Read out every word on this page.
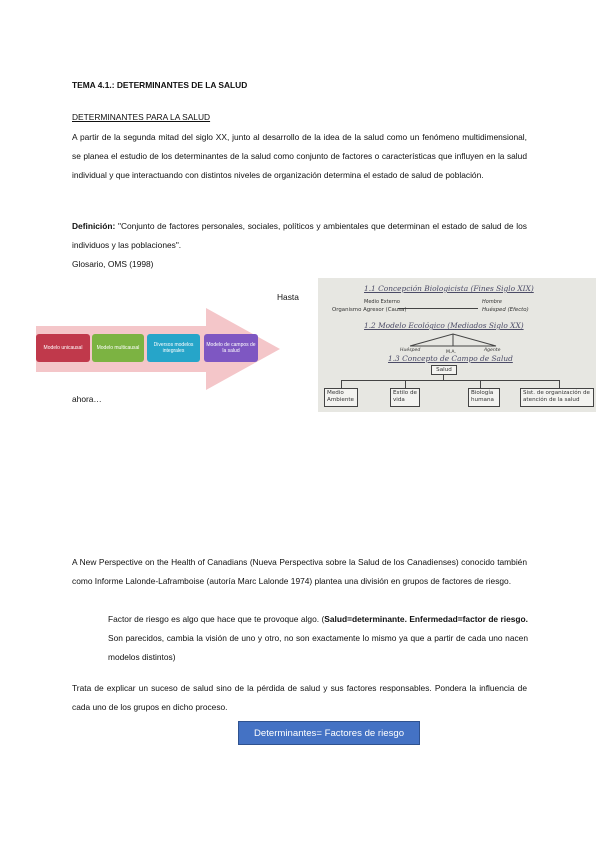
TEMA 4.1.: DETERMINANTES DE LA SALUD
DETERMINANTES PARA LA SALUD
A partir de la segunda mitad del siglo XX, junto al desarrollo de la idea de la salud como un fenómeno multidimensional, se planea el estudio de los determinantes de la salud como conjunto de factores o características que influyen en la salud individual y que interactuando con distintos niveles de organización determina el estado de salud de población.
Definición: "Conjunto de factores personales, sociales, políticos y ambientales que determinan el estado de salud de los individuos y las poblaciones".
Glosario, OMS (1998)
Hasta
Modelo unicausal	Modelo multicausal	Diversos modelos integrales
Modelo de campos de la salud
ahora…
1.1 Concepción Biologicista (Fines Siglo XIX)
Medio Externo	Hombre
Organismo Agresor (Causa)	Huésped (Efecto)
1.2 Modelo Ecológico (Mediados Siglo XX)
Huésped	M.A.	Agente
1.3 Concepto de Campo de Salud
Salud
Medio Ambiente
Estilo de vida
Biología humana
Sist. de organización de atención de la salud
A New Perspective on the Health of Canadians (Nueva Perspectiva sobre la Salud de los Canadienses) conocido también como Informe Lalonde-Laframboise (autoría Marc Lalonde 1974) plantea una división en grupos de factores de riesgo.
Factor de riesgo es algo que hace que te provoque algo. (Salud=determinante. Enfermedad=factor de riesgo. Son parecidos, cambia la visión de uno y otro, no son exactamente lo mismo ya que a partir de cada uno nacen modelos distintos)
Trata de explicar un suceso de salud sino de la pérdida de salud y sus factores responsables. Pondera la influencia de cada uno de los grupos en dicho proceso.
Determinantes= Factores de riesgo
